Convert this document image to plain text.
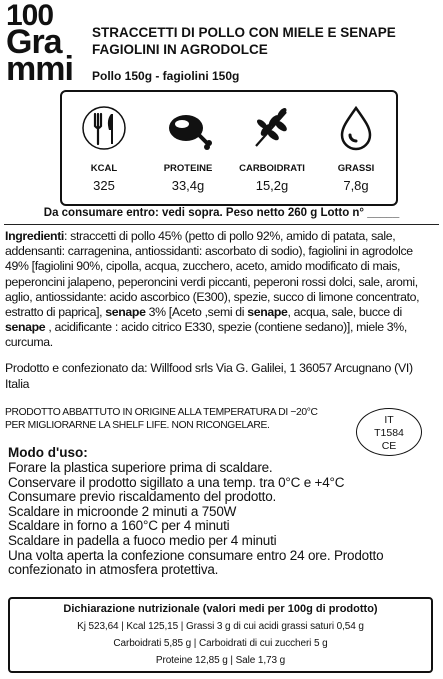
100
Gra
mmi
STRACCETTI DI POLLO CON MIELE E SENAPE
FAGIOLINI IN AGRODOLCE
Pollo 150g - fagiolini 150g
KCAL
325
PROTEINE
33,4g
CARBOIDRATI
15,2g
GRASSI
7,8g
Da consumare entro: vedi sopra. Peso netto 260 g Lotto n° _____
Ingredienti: straccetti di pollo 45% (petto di pollo 92%, amido di patata, sale, addensanti: carragenina, antiossidanti: ascorbato di sodio), fagiolini in agrodolce 49% [fagiolini 90%, cipolla, acqua, zucchero, aceto, amido modificato di mais, peperoncini jalapeno, peperoncini verdi piccanti, peperoni rossi dolci, sale, aromi, aglio, antiossidante: acido ascorbico (E300), spezie, succo di limone concentrato, estratto di paprica], senape 3% [Aceto ,semi di senape, acqua, sale, bucce di senape , acidificante : acido citrico E330, spezie (contiene sedano)], miele 3%, curcuma.
Prodotto e confezionato da: Willfood srls Via G. Galilei, 1 36057 Arcugnano (VI) Italia
PRODOTTO ABBATTUTO IN ORIGINE ALLA TEMPERATURA DI −20°C PER MIGLIORARNE LA SHELF LIFE. NON RICONGELARE.	IT
T1584
CE
Modo d'uso:
Forare la plastica superiore prima di scaldare.
Conservare il prodotto sigillato a una temp. tra 0°C e +4°C
Consumare previo riscaldamento del prodotto.
Scaldare in microonde 2 minuti a 750W
Scaldare in forno a 160°C per 4 minuti
Scaldare in padella a fuoco medio per 4 minuti
Una volta aperta la confezione consumare entro 24 ore. Prodotto
confezionato in atmosfera protettiva.
Dichiarazione nutrizionale (valori medi per 100g di prodotto)
Kj 523,64 | Kcal 125,15 | Grassi 3 g di cui acidi grassi saturi 0,54 g
Carboidrati 5,85 g | Carboidrati di cui zuccheri 5 g
Proteine 12,85 g | Sale 1,73 g
